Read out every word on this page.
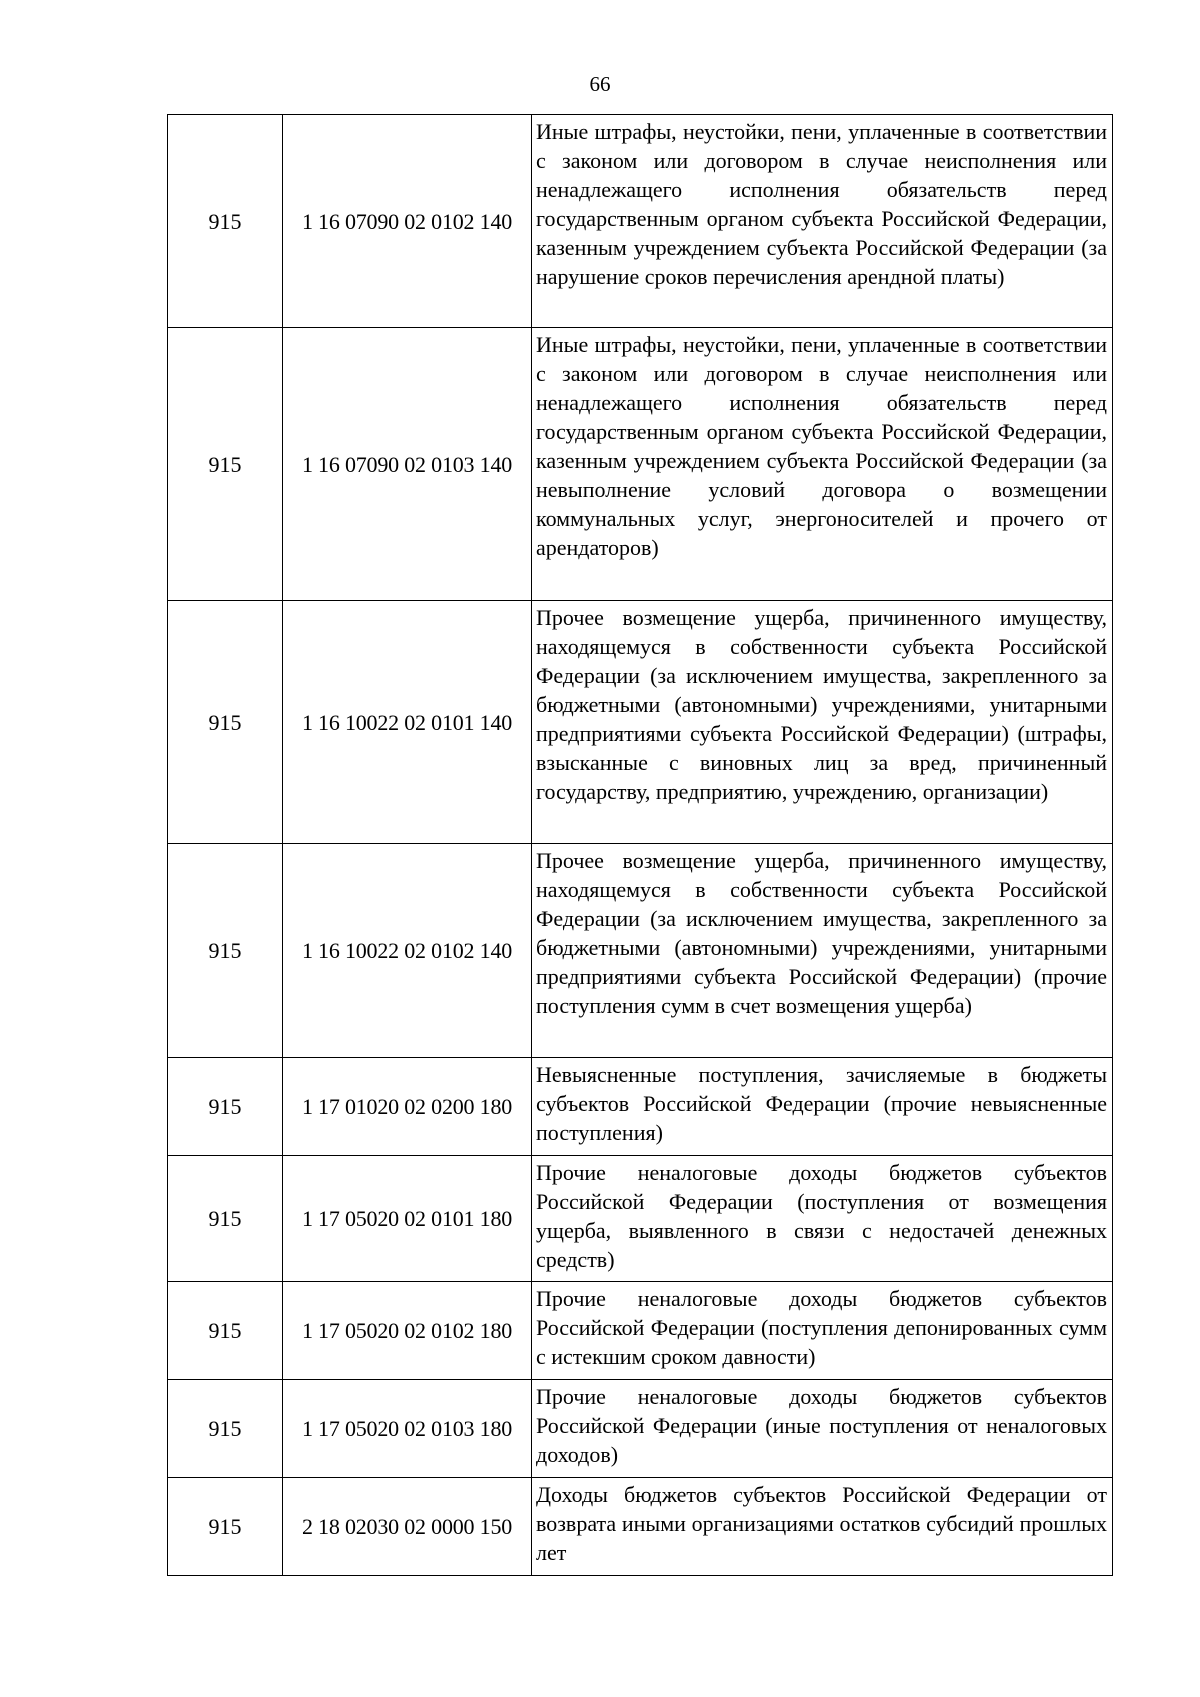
66
915	1 16 07090 02 0102 140	Иные штрафы, неустойки, пени, уплаченные в соответствии с законом или договором в случае неисполнения или ненадлежащего исполнения обязательств перед государственным органом субъекта Российской Федерации, казенным учреждением субъекта Российской Федерации (за нарушение сроков перечисления арендной платы)
915	1 16 07090 02 0103 140	Иные штрафы, неустойки, пени, уплаченные в соответствии с законом или договором в случае неисполнения или ненадлежащего исполнения обязательств перед государственным органом субъекта Российской Федерации, казенным учреждением субъекта Российской Федерации (за невыполнение условий договора о возмещении коммунальных услуг, энергоносителей и прочего от арендаторов)
915	1 16 10022 02 0101 140	Прочее возмещение ущерба, причиненного имуществу, находящемуся в собственности субъекта Российской Федерации (за исключением имущества, закрепленного за бюджетными (автономными) учреждениями, унитарными предприятиями субъекта Российской Федерации) (штрафы, взысканные с виновных лиц за вред, причиненный государству, предприятию, учреждению, организации)
915	1 16 10022 02 0102 140	Прочее возмещение ущерба, причиненного имуществу, находящемуся в собственности субъекта Российской Федерации (за исключением имущества, закрепленного за бюджетными (автономными) учреждениями, унитарными предприятиями субъекта Российской Федерации) (прочие поступления сумм в счет возмещения ущерба)
915	1 17 01020 02 0200 180	Невыясненные поступления, зачисляемые в бюджеты субъектов Российской Федерации (прочие невыясненные поступления)
915	1 17 05020 02 0101 180	Прочие неналоговые доходы бюджетов субъектов Российской Федерации (поступления от возмещения ущерба, выявленного в связи с недостачей денежных средств)
915	1 17 05020 02 0102 180	Прочие неналоговые доходы бюджетов субъектов Российской Федерации (поступления депонированных сумм с истекшим сроком давности)
915	1 17 05020 02 0103 180	Прочие неналоговые доходы бюджетов субъектов Российской Федерации (иные поступления от неналоговых доходов)
915	2 18 02030 02 0000 150	Доходы бюджетов субъектов Российской Федерации от возврата иными организациями остатков субсидий прошлых лет
